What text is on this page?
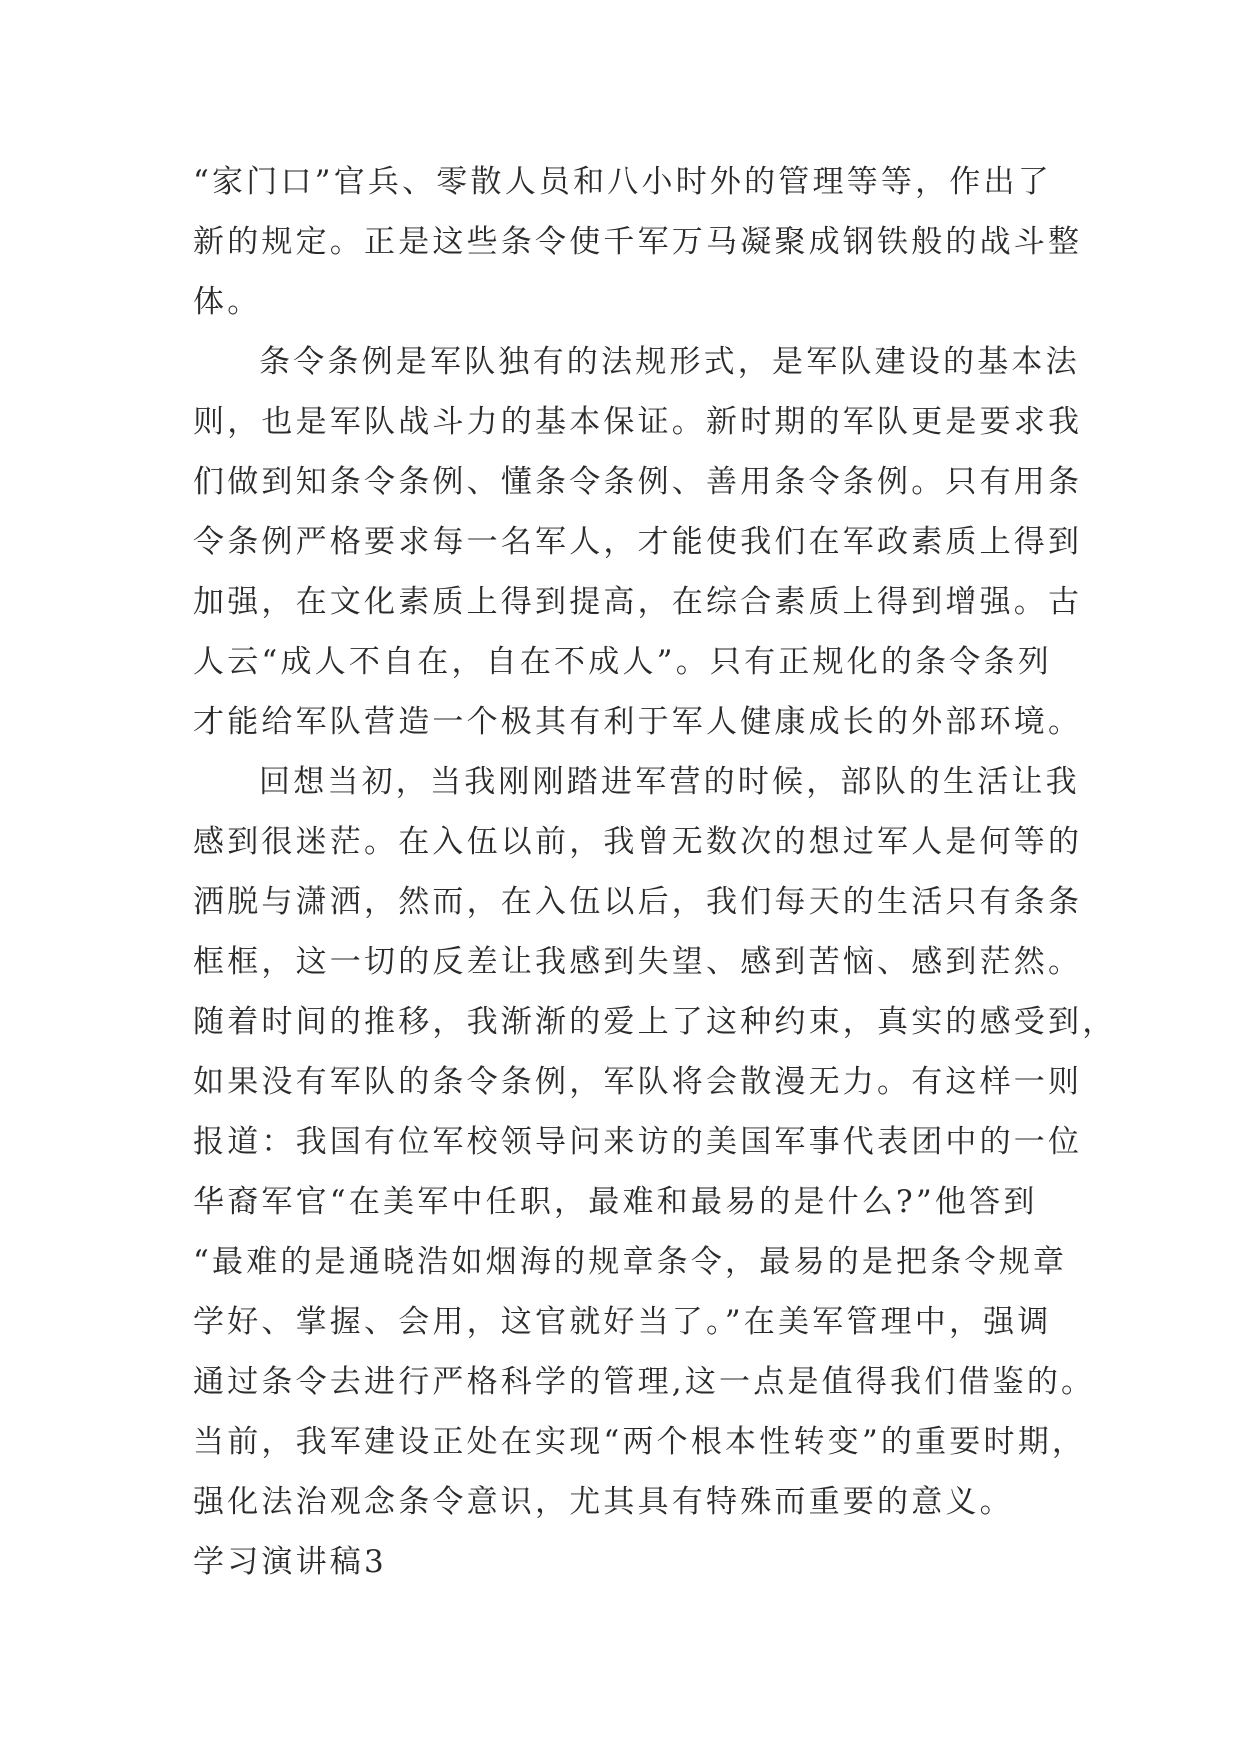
“家门口”官兵、零散人员和八小时外的管理等等，作出了
新的规定。正是这些条令使千军万马凝聚成钢铁般的战斗整
体。
条令条例是军队独有的法规形式，是军队建设的基本法
则，也是军队战斗力的基本保证。新时期的军队更是要求我
们做到知条令条例、懂条令条例、善用条令条例。只有用条
令条例严格要求每一名军人，才能使我们在军政素质上得到
加强，在文化素质上得到提高，在综合素质上得到增强。古
人云“成人不自在，自在不成人”。只有正规化的条令条列
才能给军队营造一个极其有利于军人健康成长的外部环境。
回想当初，当我刚刚踏进军营的时候，部队的生活让我
感到很迷茫。在入伍以前，我曾无数次的想过军人是何等的
洒脱与潇洒，然而，在入伍以后，我们每天的生活只有条条
框框，这一切的反差让我感到失望、感到苦恼、感到茫然。
随着时间的推移，我渐渐的爱上了这种约束，真实的感受到，
如果没有军队的条令条例，军队将会散漫无力。有这样一则
报道：我国有位军校领导问来访的美国军事代表团中的一位
华裔军官“在美军中任职，最难和最易的是什么?”他答到
“最难的是通晓浩如烟海的规章条令，最易的是把条令规章
学好、掌握、会用，这官就好当了。”在美军管理中，强调
通过条令去进行严格科学的管理,这一点是值得我们借鉴的。
当前，我军建设正处在实现“两个根本性转变”的重要时期，
强化法治观念条令意识，尤其具有特殊而重要的意义。
学习演讲稿3
